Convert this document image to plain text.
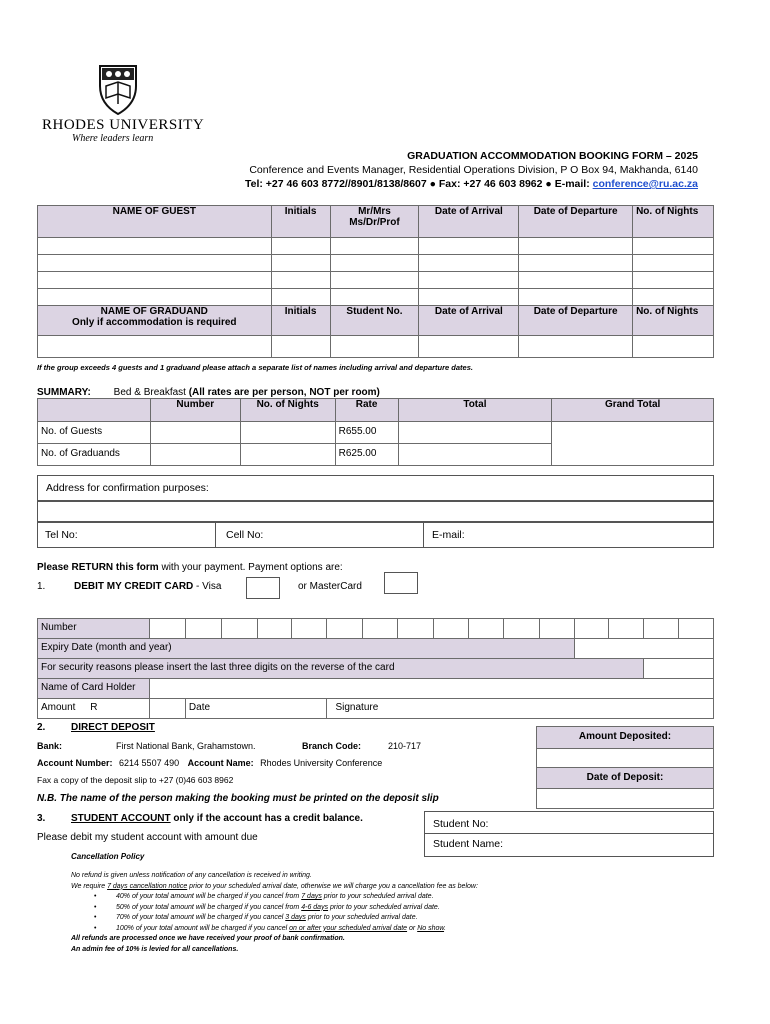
RHODES UNIVERSITY
Where leaders learn
GRADUATION ACCOMMODATION BOOKING FORM – 2025
Conference and Events Manager, Residential Operations Division, P O Box 94, Makhanda, 6140
Tel: +27 46 603 8772//8901/8138/8607 ● Fax: +27 46 603 8962 ● E-mail: conference@ru.ac.za
NAME OF GUEST	Initials	Mr/Mrs Ms/Dr/Prof	Date of Arrival	Date of Departure	No. of Nights

NAME OF GRADUAND
Only if accommodation is required	Initials	Student No.	Date of Arrival	Date of Departure	No. of Nights

If the group exceeds 4 guests and 1 graduand please attach a separate list of names including arrival and departure dates.
SUMMARY: Bed & Breakfast (All rates are per person, NOT per room)
	Number	No. of Nights	Rate	Total	Grand Total
No. of Guests			R655.00		
No. of Graduands			R625.00		
Address for confirmation purposes:
Tel No:	Cell No:	E-mail:
Please RETURN this form with your payment. Payment options are:
1.	DEBIT MY CREDIT CARD - Visa	or MasterCard
Number																
Expiry Date (month and year)																
For security reasons please insert the last three digits on the reverse of the card																
Name of Card Holder																
Amount R		Date				Signature										
2.	DIRECT DEPOSIT
Bank:	First National Bank, Grahamstown.	Branch Code:	210-717
Account Number: 6214 5507 490 Account Name: Rhodes University Conference
Fax a copy of the deposit slip to +27 (0)46 603 8962
N.B. The name of the person making the booking must be printed on the deposit slip
Amount Deposited:

Date of Deposit:

3.	STUDENT ACCOUNT only if the account has a credit balance.
Please debit my student account with amount due
Student No:
Student Name:
Cancellation Policy
No refund is given unless notification of any cancellation is received in writing.
We require 7 days cancellation notice prior to your scheduled arrival date, otherwise we will charge you a cancellation fee as below:
•	40% of your total amount will be charged if you cancel from 7 days prior to your scheduled arrival date.
•	50% of your total amount will be charged if you cancel from 4-6 days prior to your scheduled arrival date.
•	70% of your total amount will be charged if you cancel 3 days prior to your scheduled arrival date.
•	100% of your total amount will be charged if you cancel on or after your scheduled arrival date or No show.
All refunds are processed once we have received your proof of bank confirmation.
An admin fee of 10% is levied for all cancellations.
